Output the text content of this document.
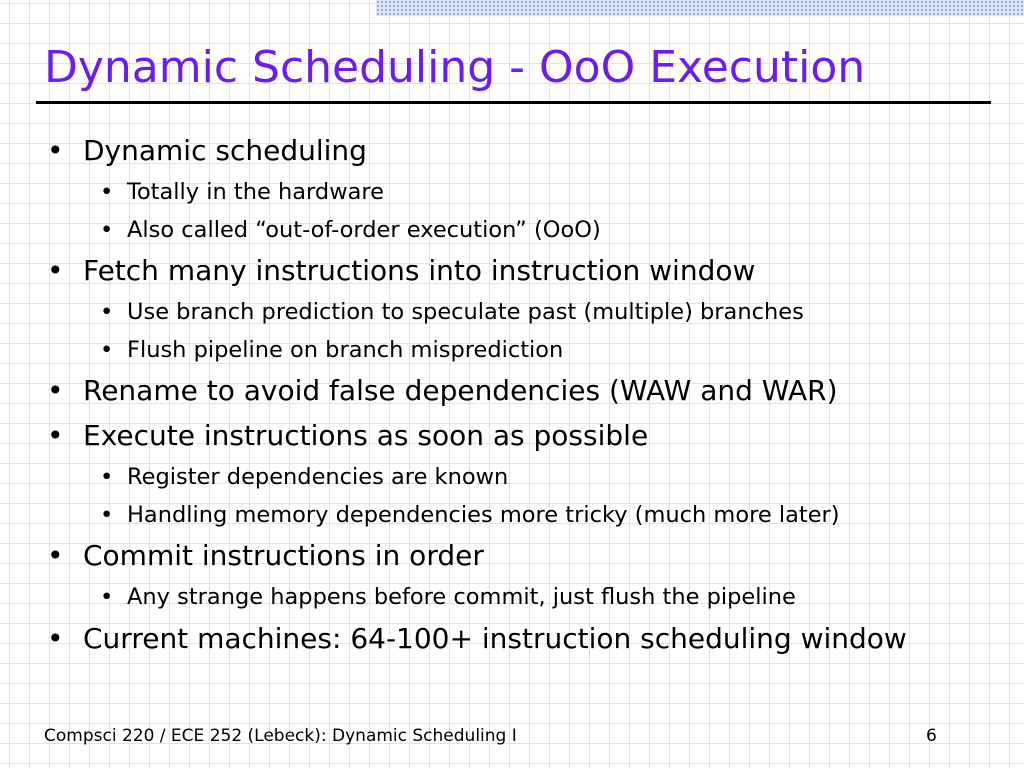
Dynamic Scheduling - OoO Execution
• Dynamic scheduling
• Totally in the hardware
• Also called “out-of-order execution” (OoO)
• Fetch many instructions into instruction window
• Use branch prediction to speculate past (multiple) branches
• Flush pipeline on branch misprediction
• Rename to avoid false dependencies (WAW and WAR)
• Execute instructions as soon as possible
• Register dependencies are known
• Handling memory dependencies more tricky (much more later)
• Commit instructions in order
• Any strange happens before commit, just flush the pipeline
• Current machines: 64-100+ instruction scheduling window
Compsci 220 / ECE 252 (Lebeck): Dynamic Scheduling I	6
